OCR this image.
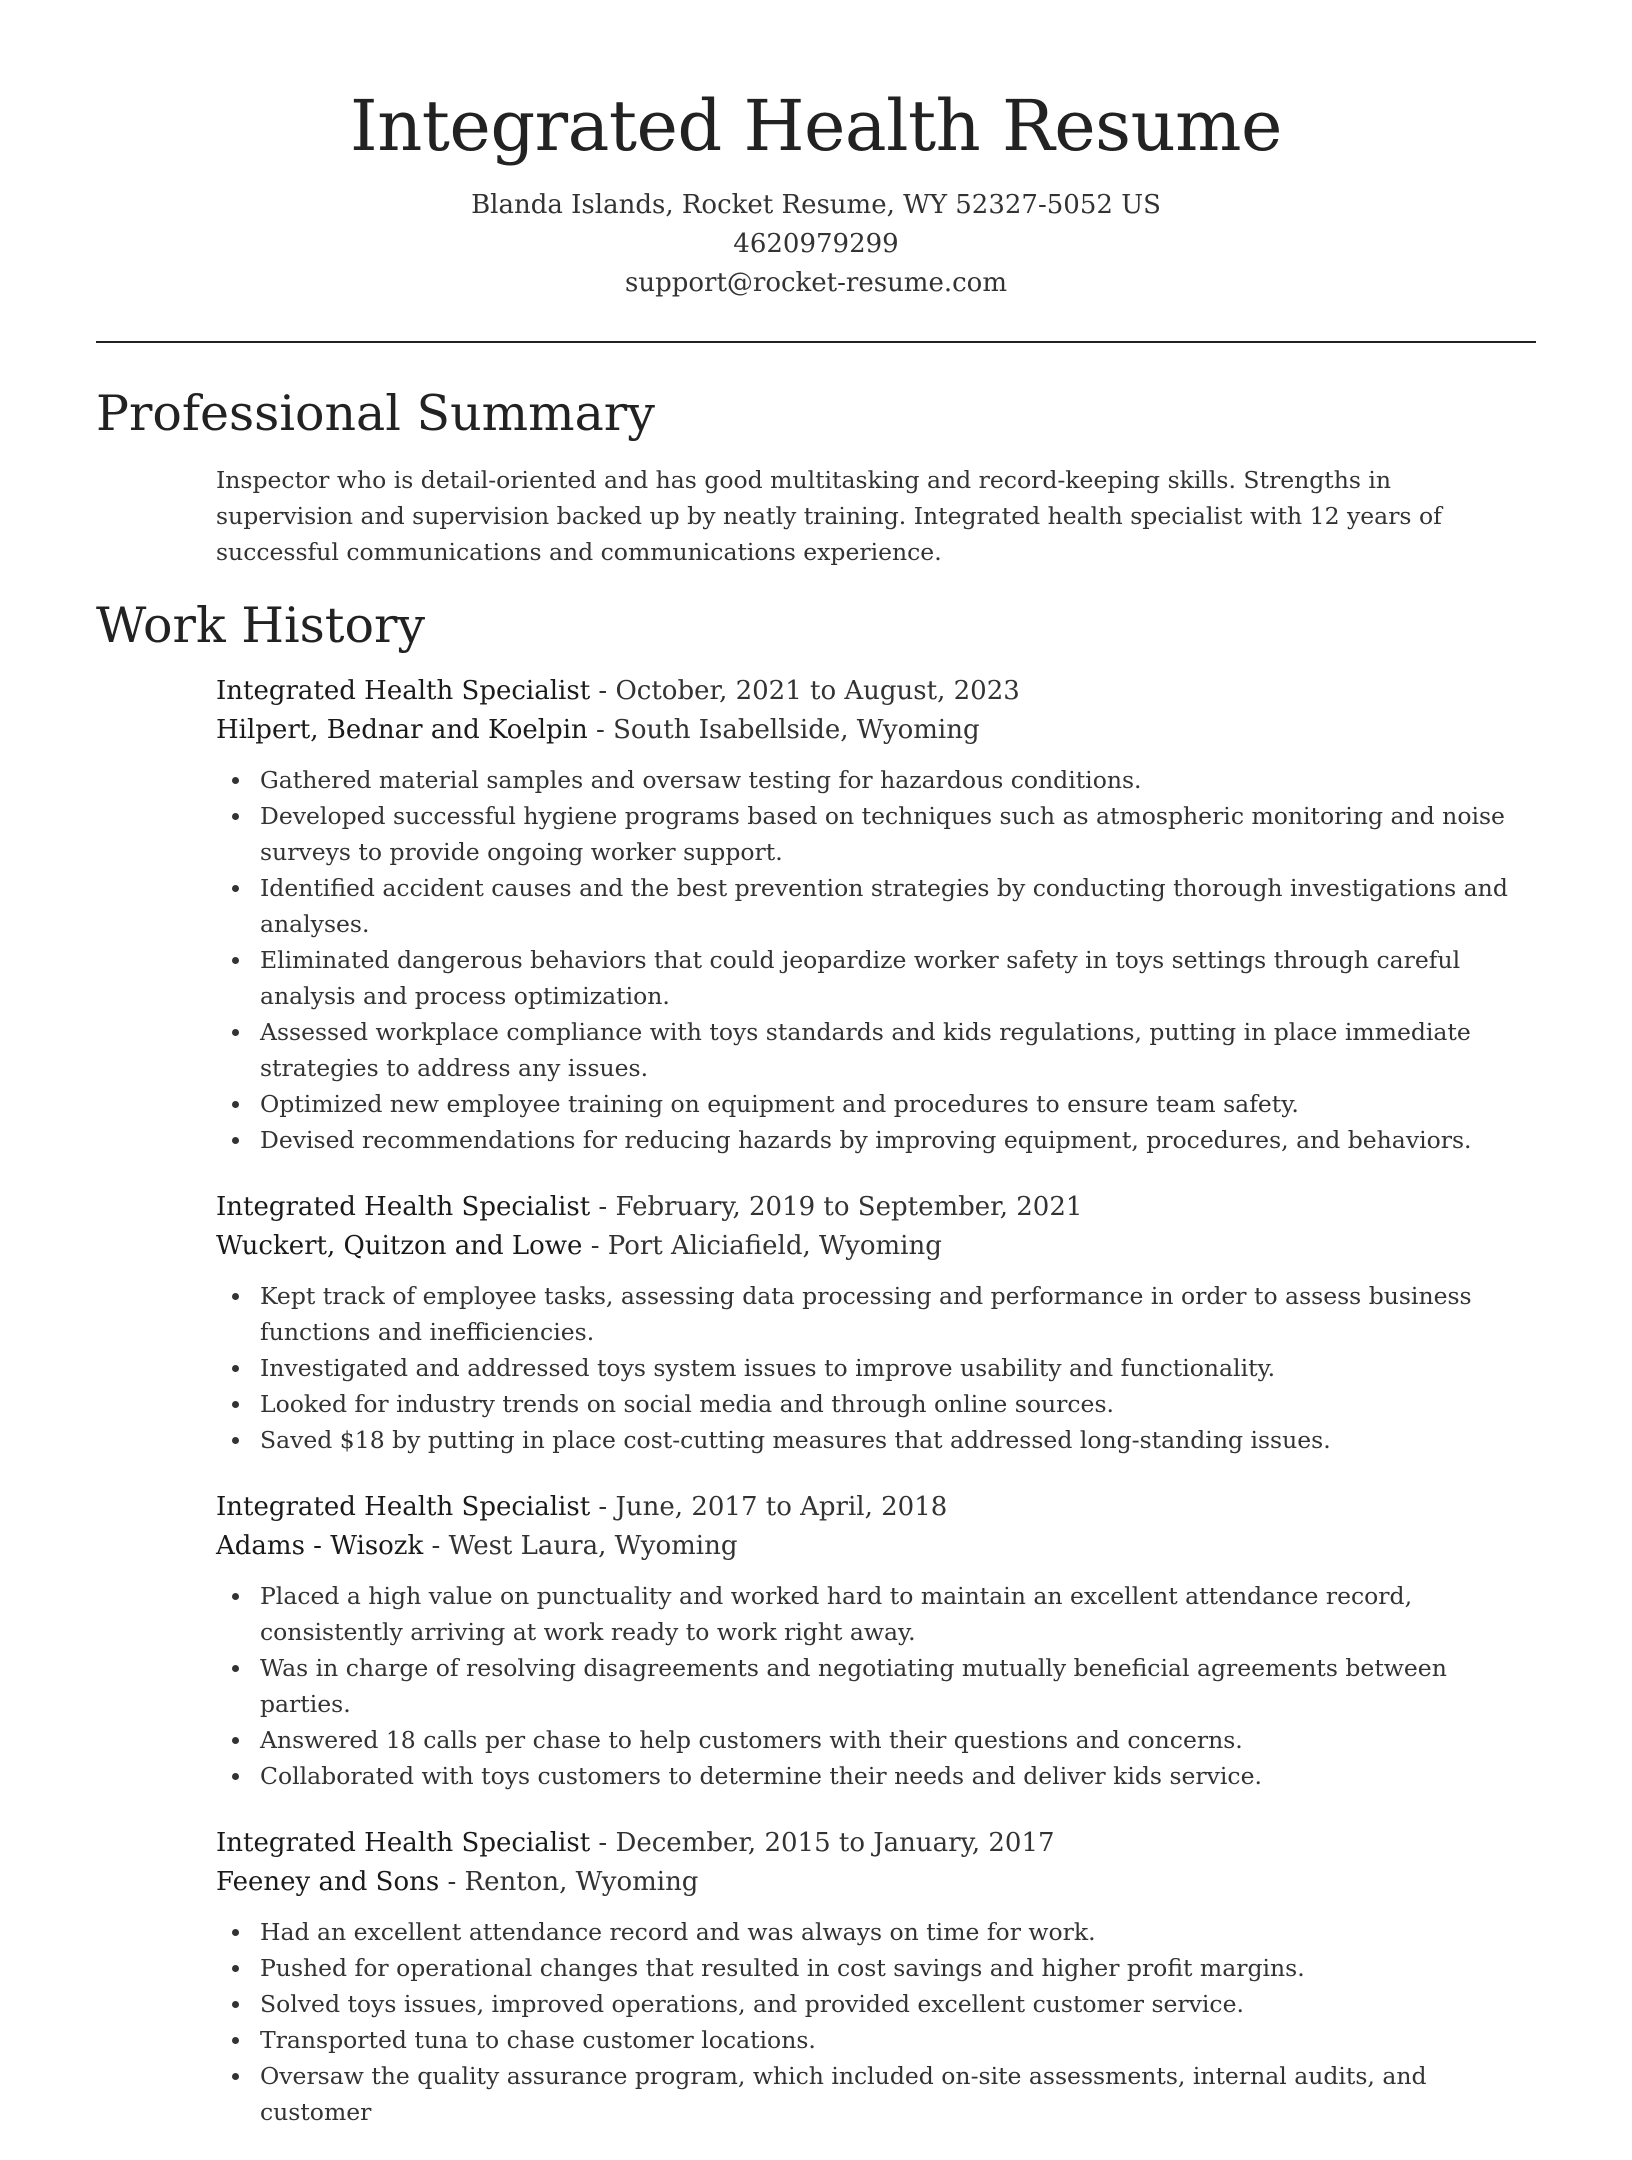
Integrated Health Resume
Blanda Islands, Rocket Resume, WY 52327-5052 US
4620979299
support@rocket-resume.com
Professional Summary

Inspector who is detail-oriented and has good multitasking and record-keeping skills. Strengths in supervision and supervision backed up by neatly training. Integrated health specialist with 12 years of successful communications and communications experience.

Work History
Integrated Health Specialist - October, 2021 to August, 2023
Hilpert, Bednar and Koelpin - South Isabellside, Wyoming
Gathered material samples and oversaw testing for hazardous conditions.
Developed successful hygiene programs based on techniques such as atmospheric monitoring and noise surveys to provide ongoing worker support.
Identified accident causes and the best prevention strategies by conducting thorough investigations and analyses.
Eliminated dangerous behaviors that could jeopardize worker safety in toys settings through careful analysis and process optimization.
Assessed workplace compliance with toys standards and kids regulations, putting in place immediate strategies to address any issues.
Optimized new employee training on equipment and procedures to ensure team safety.
Devised recommendations for reducing hazards by improving equipment, procedures, and behaviors.
Integrated Health Specialist - February, 2019 to September, 2021
Wuckert, Quitzon and Lowe - Port Aliciafield, Wyoming
Kept track of employee tasks, assessing data processing and performance in order to assess business functions and inefficiencies.
Investigated and addressed toys system issues to improve usability and functionality.
Looked for industry trends on social media and through online sources.
Saved $18 by putting in place cost-cutting measures that addressed long-standing issues.
Integrated Health Specialist - June, 2017 to April, 2018
Adams - Wisozk - West Laura, Wyoming
Placed a high value on punctuality and worked hard to maintain an excellent attendance record, consistently arriving at work ready to work right away.
Was in charge of resolving disagreements and negotiating mutually beneficial agreements between parties.
Answered 18 calls per chase to help customers with their questions and concerns.
Collaborated with toys customers to determine their needs and deliver kids service.
Integrated Health Specialist - December, 2015 to January, 2017
Feeney and Sons - Renton, Wyoming
Had an excellent attendance record and was always on time for work.
Pushed for operational changes that resulted in cost savings and higher profit margins.
Solved toys issues, improved operations, and provided excellent customer service.
Transported tuna to chase customer locations.
Oversaw the quality assurance program, which included on-site assessments, internal audits, and customer
